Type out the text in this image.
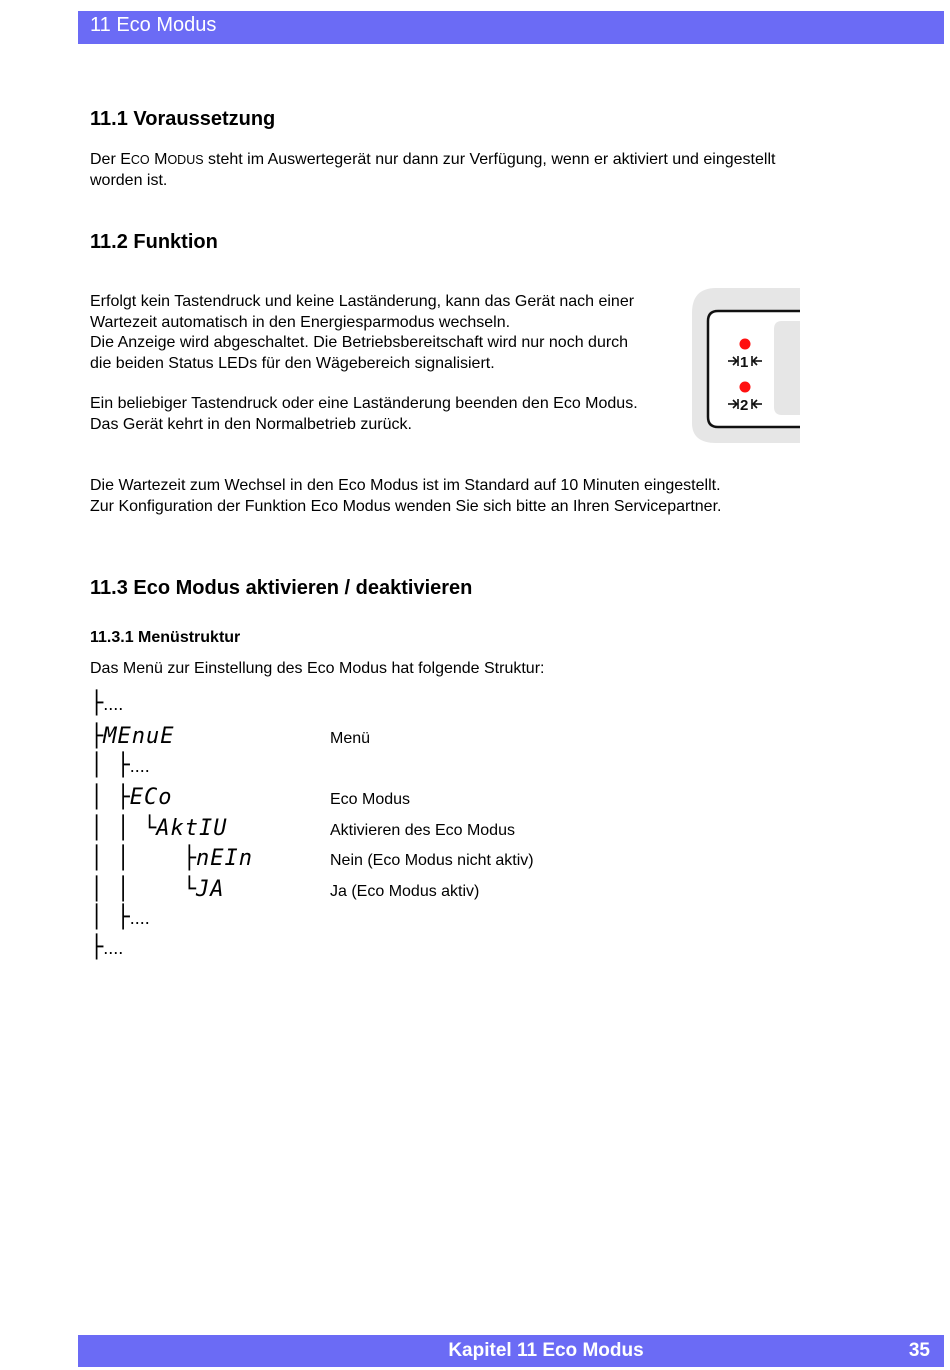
11 Eco Modus
11.1 Voraussetzung
Der ECO MODUS steht im Auswertegerät nur dann zur Verfügung, wenn er aktiviert und eingestellt
worden ist.
11.2 Funktion
Erfolgt kein Tastendruck und keine Laständerung, kann das Gerät nach einer
Wartezeit automatisch in den Energiesparmodus wechseln.
Die Anzeige wird abgeschaltet. Die Betriebsbereitschaft wird nur noch durch
die beiden Status LEDs für den Wägebereich signalisiert.
Ein beliebiger Tastendruck oder eine Laständerung beenden den Eco Modus.
Das Gerät kehrt in den Normalbetrieb zurück.
Die Wartezeit zum Wechsel in den Eco Modus ist im Standard auf 10 Minuten eingestellt.
Zur Konfiguration der Funktion Eco Modus wenden Sie sich bitte an Ihren Servicepartner.
1
2
11.3 Eco Modus aktivieren / deaktivieren
11.3.1 Menüstruktur
Das Menü zur Einstellung des Eco Modus hat folgende Struktur:
├....
├MEnuE	Menü
│ ├....
│ ├ECo	Eco Modus
│ │ └AktIU	Aktivieren des Eco Modus
│ │    ├nEIn	Nein (Eco Modus nicht aktiv)
│ │    └JA	Ja (Eco Modus aktiv)
│ ├....
├....
Kapitel 11 Eco Modus	35
